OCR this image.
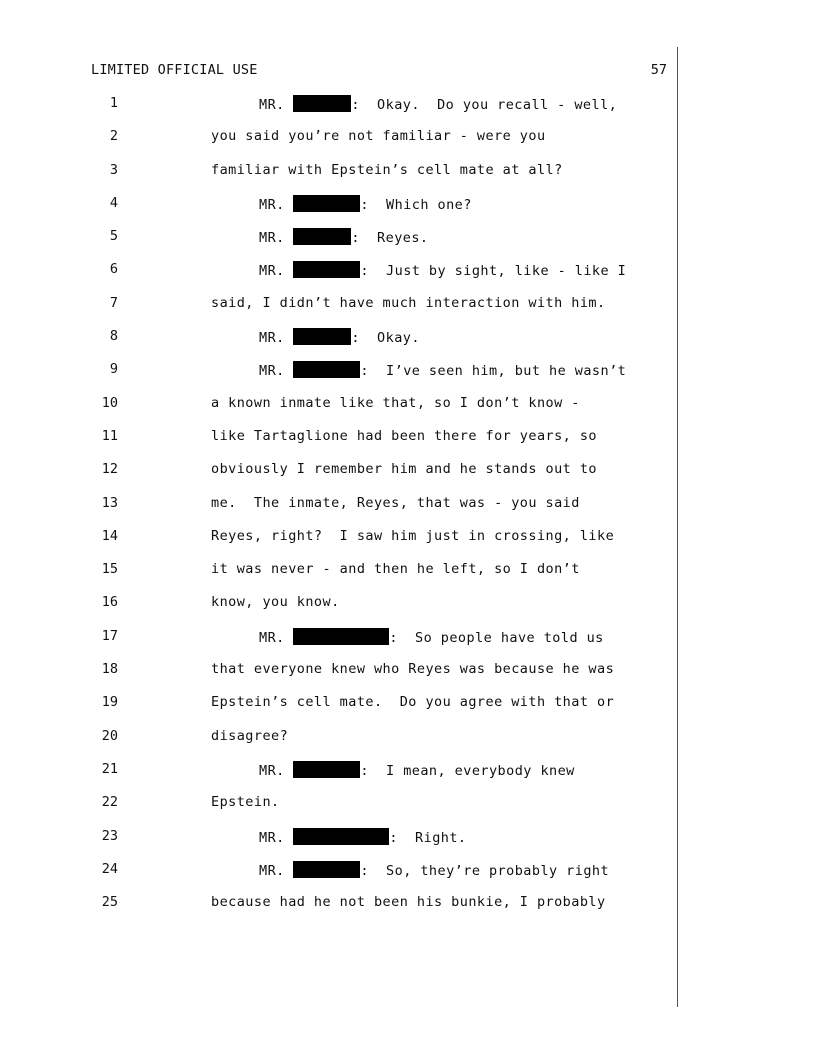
LIMITED OFFICIAL USE	57
1	MR.	:  Okay.  Do you recall - well,
2	you said you’re not familiar - were you
3	familiar with Epstein’s cell mate at all?
4	MR.	:  Which one?
5	MR.	:  Reyes.
6	MR.	:  Just by sight, like - like I
7	said, I didn’t have much interaction with him.
8	MR.	:  Okay.
9	MR.	:  I’ve seen him, but he wasn’t
10	a known inmate like that, so I don’t know -
11	like Tartaglione had been there for years, so
12	obviously I remember him and he stands out to
13	me.  The inmate, Reyes, that was - you said
14	Reyes, right?  I saw him just in crossing, like
15	it was never - and then he left, so I don’t
16	know, you know.
17	MR.	:  So people have told us
18	that everyone knew who Reyes was because he was
19	Epstein’s cell mate.  Do you agree with that or
20	disagree?
21	MR.	:  I mean, everybody knew
22	Epstein.
23	MR.	:  Right.
24	MR.	:  So, they’re probably right
25	because had he not been his bunkie, I probably
